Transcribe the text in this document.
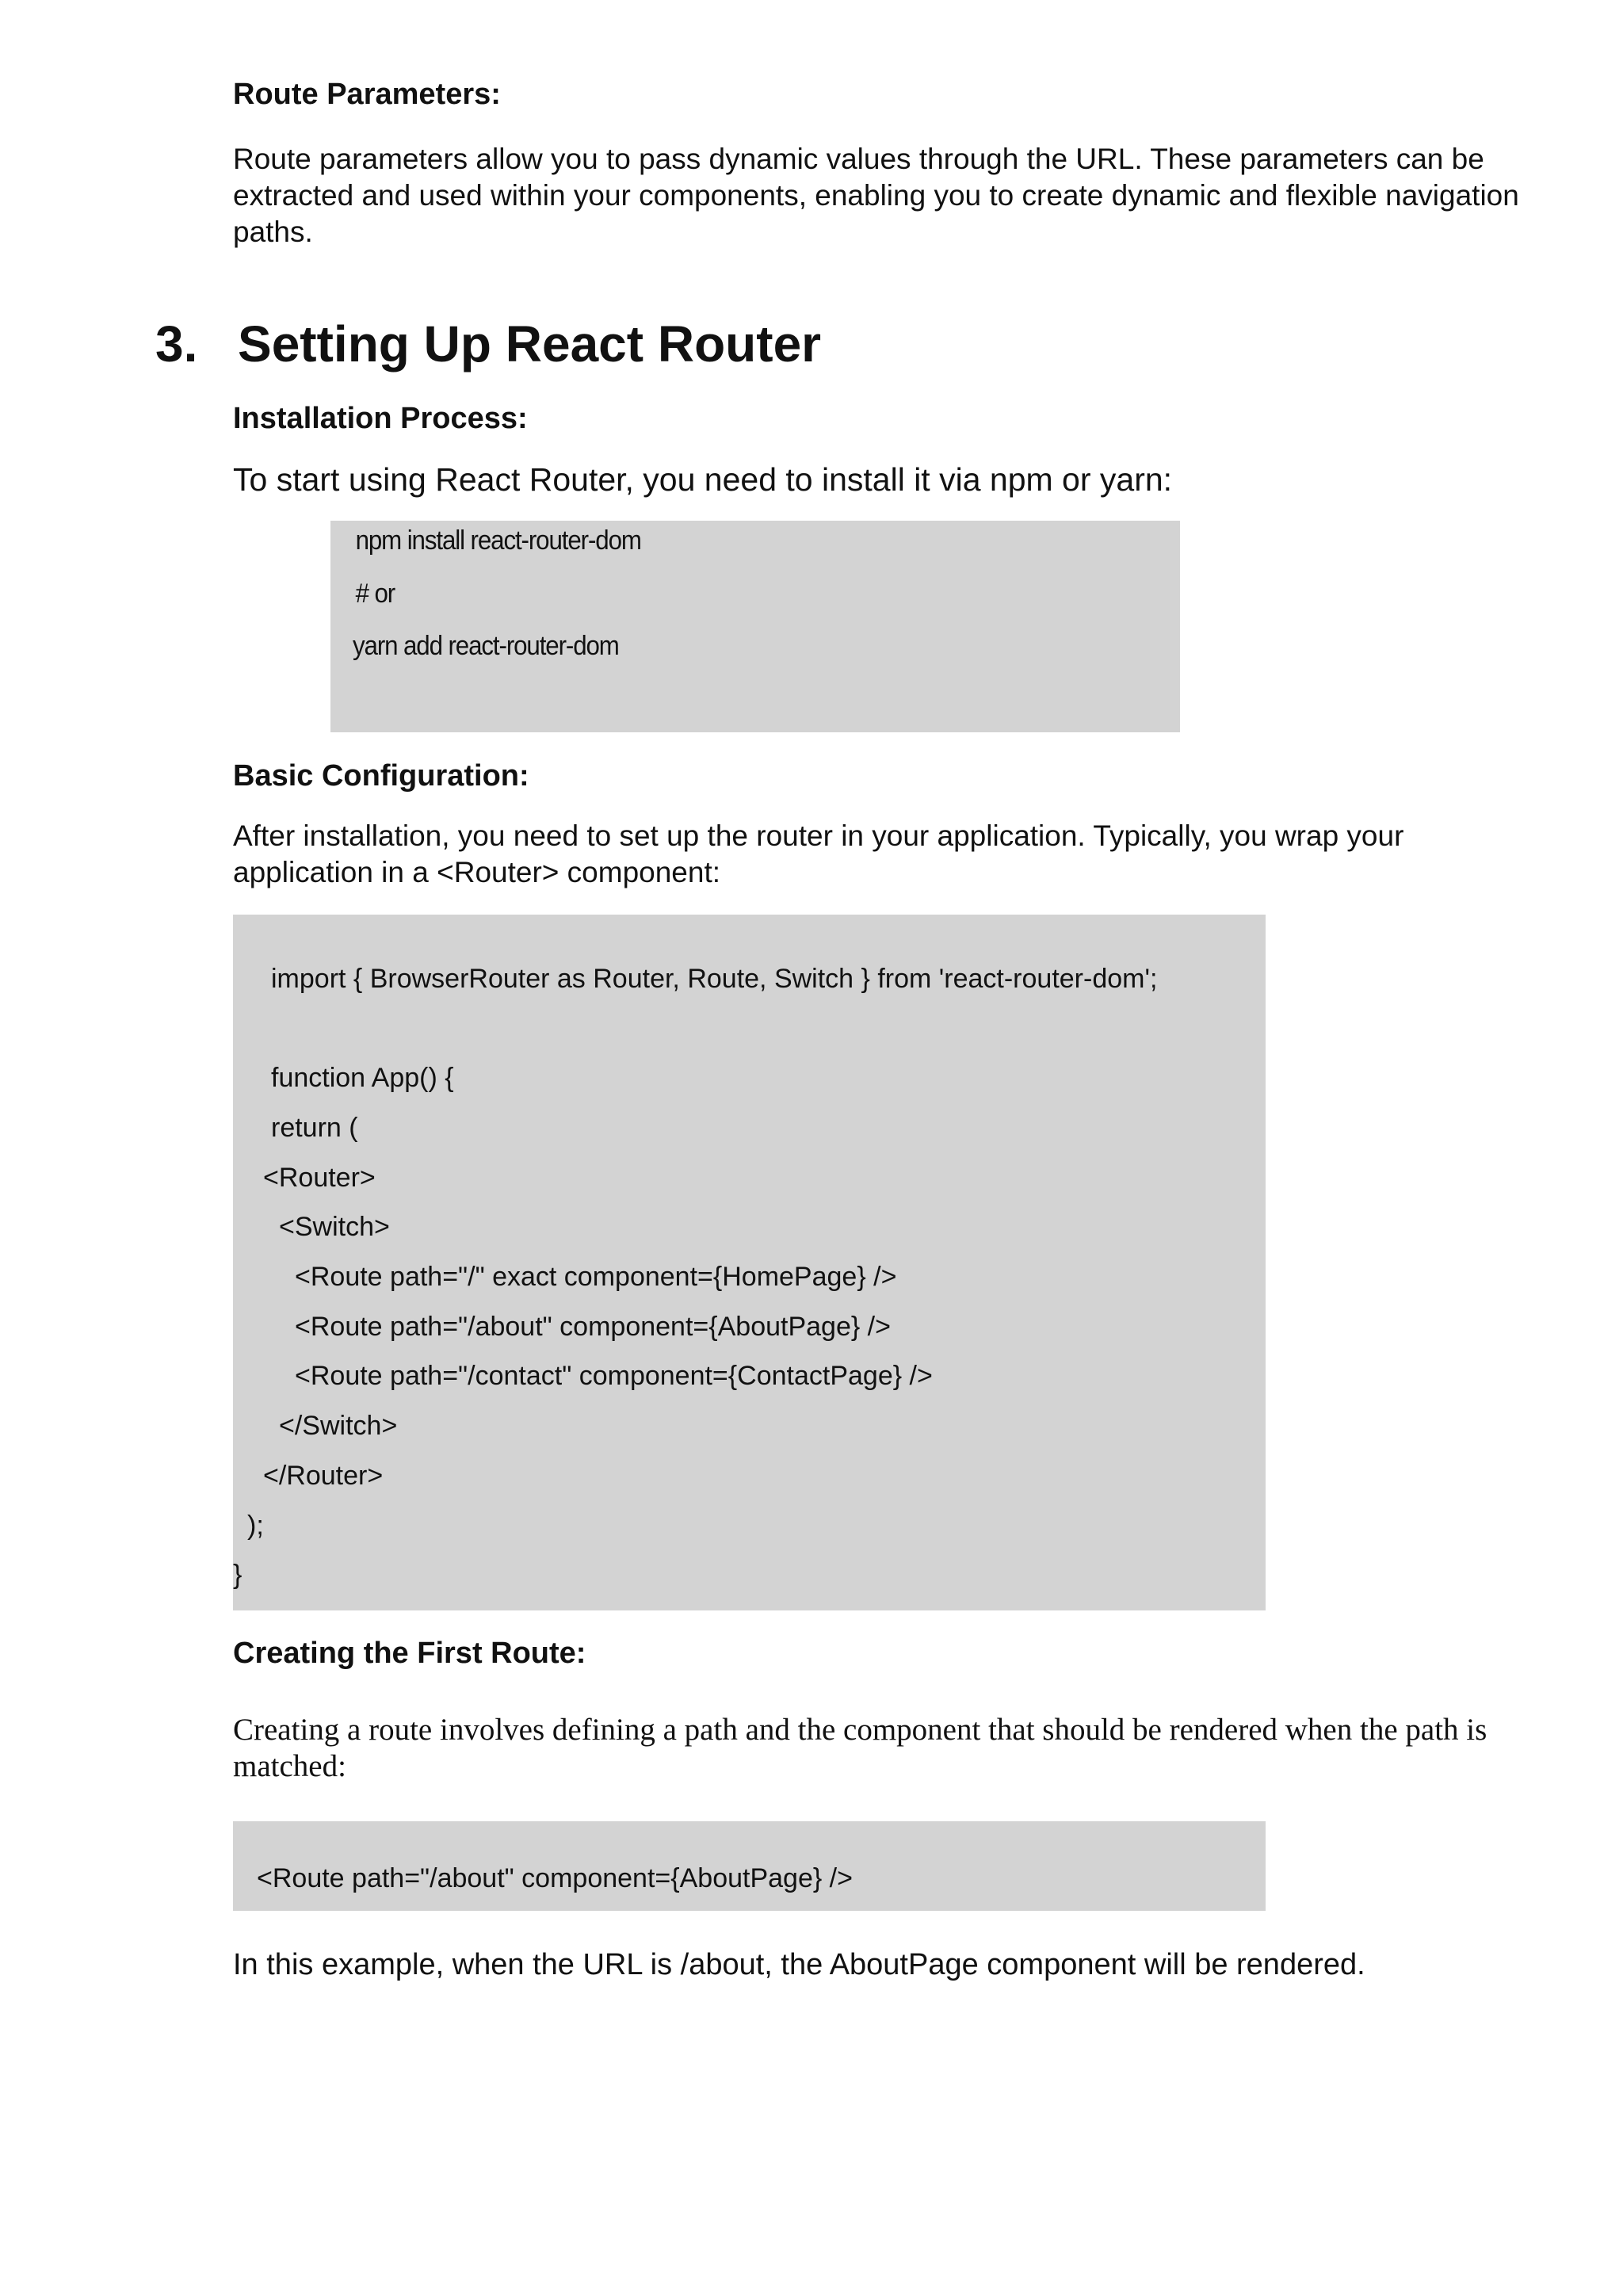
Route Parameters:

Route parameters allow you to pass dynamic values through the URL. These parameters can be extracted and used within your components, enabling you to create dynamic and flexible navigation paths.

3. Setting Up React Router
Installation Process:

To start using React Router, you need to install it via npm or yarn:

npm install react-router-dom
# or
yarn add react-router-dom
Basic Configuration:

After installation, you need to set up the router in your application. Typically, you wrap your application in a <Router> component:

import { BrowserRouter as Router, Route, Switch } from 'react-router-dom';
function App() {
return (
<Router>
<Switch>
<Route path="/" exact component={HomePage} />
<Route path="/about" component={AboutPage} />
<Route path="/contact" component={ContactPage} />
</Switch>
</Router>
);
}
Creating the First Route:

Creating a route involves defining a path and the component that should be rendered when the path is matched:

<Route path="/about" component={AboutPage} />

In this example, when the URL is /about, the AboutPage component will be rendered.
